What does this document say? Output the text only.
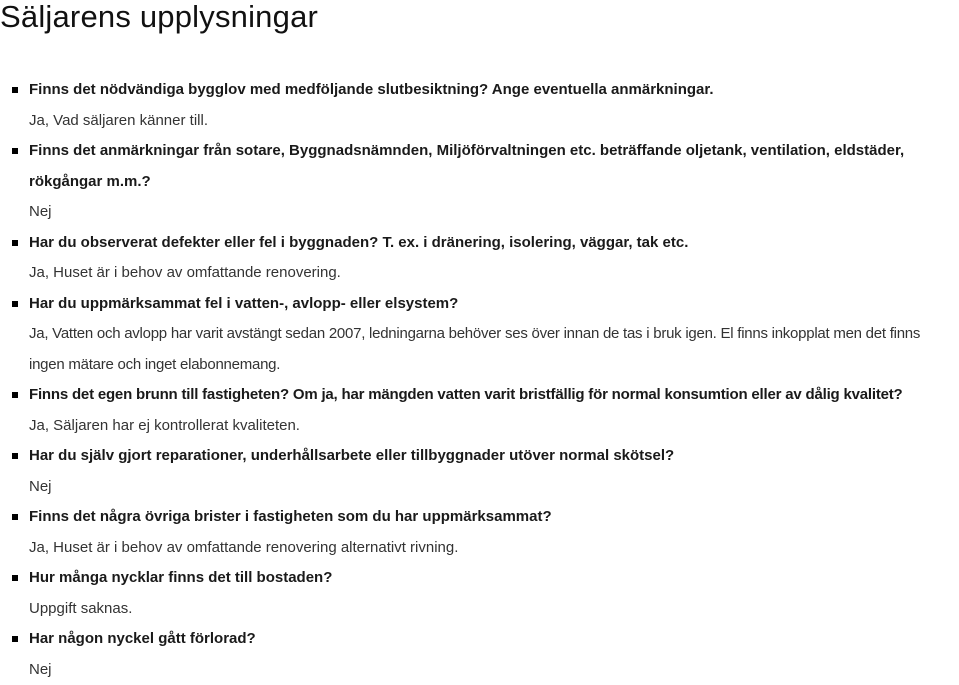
Säljarens upplysningar
Finns det nödvändiga bygglov med medföljande slutbesiktning? Ange eventuella anmärkningar.
Ja, Vad säljaren känner till.
Finns det anmärkningar från sotare, Byggnadsnämnden, Miljöförvaltningen etc. beträffande oljetank, ventilation, eldstäder, rökgångar m.m.?
Nej
Har du observerat defekter eller fel i byggnaden? T. ex. i dränering, isolering, väggar, tak etc.
Ja, Huset är i behov av omfattande renovering.
Har du uppmärksammat fel i vatten-, avlopp- eller elsystem?
Ja, Vatten och avlopp har varit avstängt sedan 2007, ledningarna behöver ses över innan de tas i bruk igen. El finns inkopplat men det finns ingen mätare och inget elabonnemang.
Finns det egen brunn till fastigheten? Om ja, har mängden vatten varit bristfällig för normal konsumtion eller av dålig kvalitet?
Ja, Säljaren har ej kontrollerat kvaliteten.
Har du själv gjort reparationer, underhållsarbete eller tillbyggnader utöver normal skötsel?
Nej
Finns det några övriga brister i fastigheten som du har uppmärksammat?
Ja, Huset är i behov av omfattande renovering alternativt rivning.
Hur många nycklar finns det till bostaden?
Uppgift saknas.
Har någon nyckel gått förlorad?
Nej
